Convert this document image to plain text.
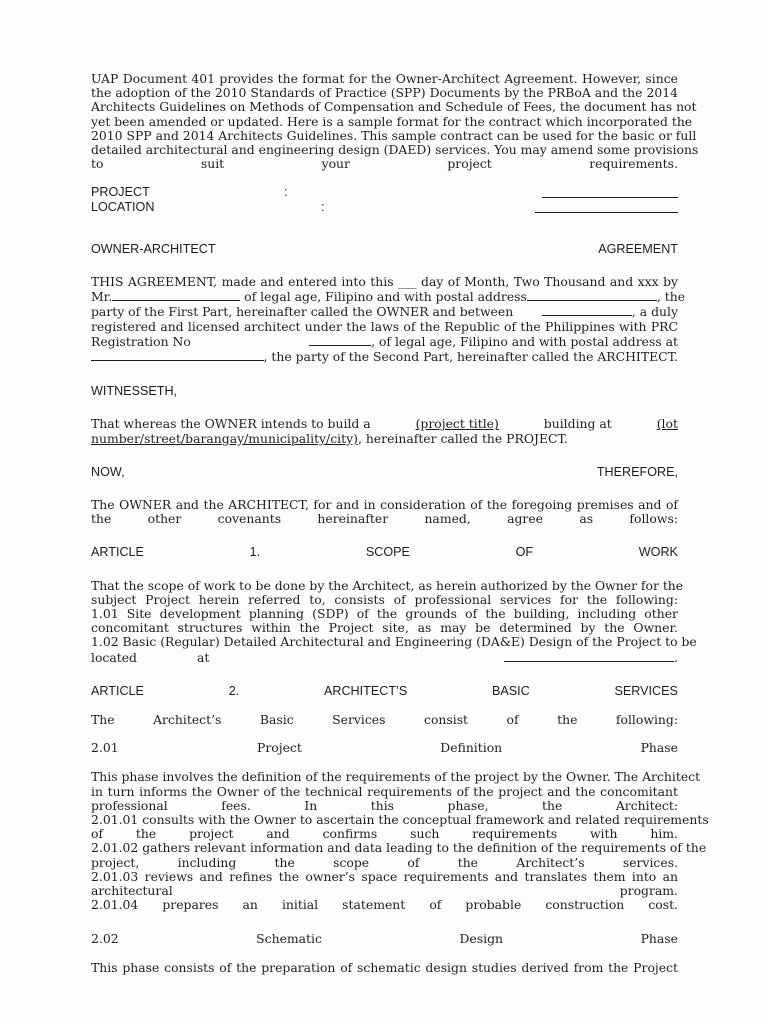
UAP Document 401 provides the format for the Owner-Architect Agreement. However, since
the adoption of the 2010 Standards of Practice (SPP) Documents by the PRBoA and the 2014
Architects Guidelines on Methods of Compensation and Schedule of Fees, the document has not
yet been amended or updated. Here is a sample format for the contract which incorporated the
2010 SPP and 2014 Architects Guidelines. This sample contract can be used for the basic or full
detailed architectural and engineering design (DAED) services. You may amend some provisions
to	suit	your	project	requirements.
PROJECT	:
LOCATION	:
OWNER-ARCHITECT	AGREEMENT
THIS AGREEMENT, made and entered into this ___ day of Month, Two Thousand and xxx by
Mr.	of legal age, Filipino and with postal address	, the
party of the First Part, hereinafter called the OWNER and between	, a duly
registered and licensed architect under the laws of the Republic of the Philippines with PRC
Registration No	, of legal age, Filipino and with postal address at
, the party of the Second Part, hereinafter called the ARCHITECT.
WITNESSETH,
That whereas the OWNER intends to build a	(project title)	building at	(lot
number/street/barangay/municipality/city), hereinafter called the PROJECT.
NOW,	THEREFORE,
The OWNER and the ARCHITECT, for and in consideration of the foregoing premises and of
the other covenants hereinafter named, agree as follows:
ARTICLE	1.	SCOPE	OF	WORK
That the scope of work to be done by the Architect, as herein authorized by the Owner for the
subject Project herein referred to, consists of professional services for the following:
1.01 Site development planning (SDP) of the grounds of the building, including other
concomitant structures within the Project site, as may be determined by the Owner.
1.02 Basic (Regular) Detailed Architectural and Engineering (DA&E) Design of the Project to be
located	at	.
ARTICLE	2.	ARCHITECT’S	BASIC	SERVICES
The Architect’s Basic Services consist of the following:
2.01	Project	Definition	Phase
This phase involves the definition of the requirements of the project by the Owner. The Architect
in turn informs the Owner of the technical requirements of the project and the concomitant
professional fees. In this phase, the Architect:
2.01.01 consults with the Owner to ascertain the conceptual framework and related requirements
of the project and confirms such requirements with him.
2.01.02 gathers relevant information and data leading to the definition of the requirements of the
project, including the scope of the Architect’s services.
2.01.03 reviews and refines the owner’s space requirements and translates them into an
architectural program.
2.01.04 prepares an initial statement of probable construction cost.
2.02	Schematic	Design	Phase
This phase consists of the preparation of schematic design studies derived from the Project
